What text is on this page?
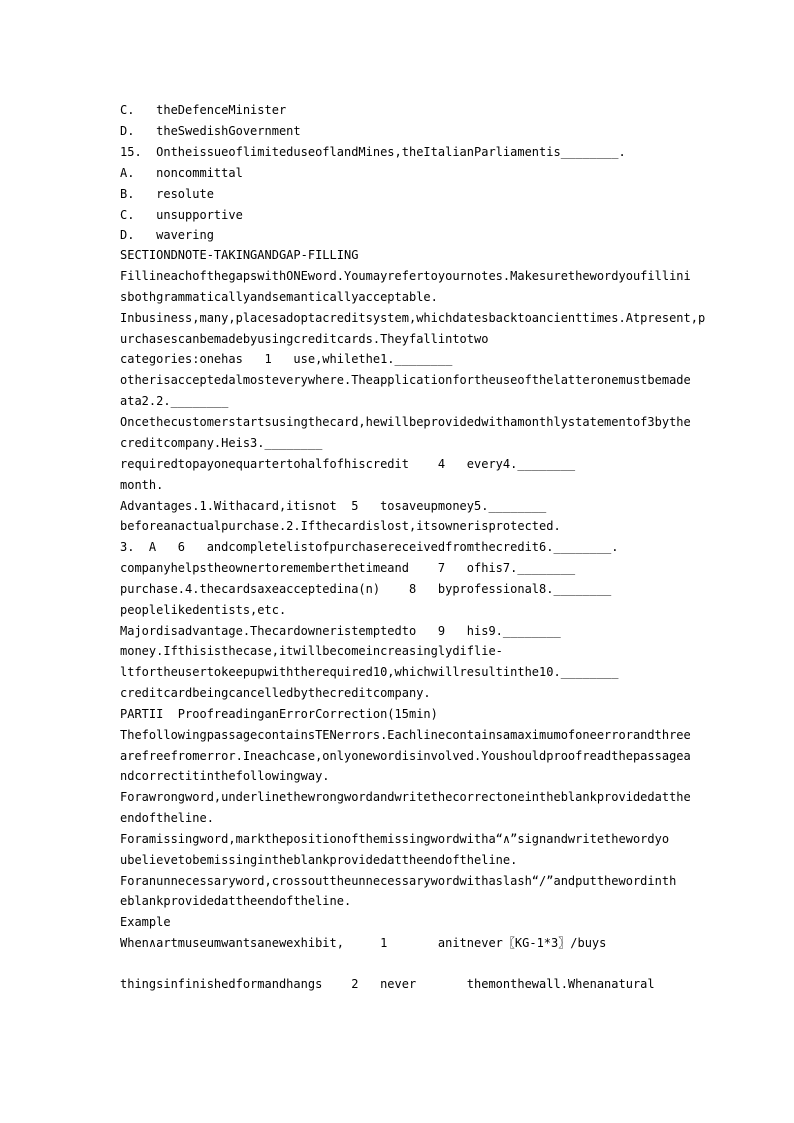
C.   theDefenceMinister
D.   theSwedishGovernment
15.  OntheissueoflimiteduseoflandMines,theItalianParliamentis________.
A.   noncommittal
B.   resolute
C.   unsupportive
D.   wavering
SECTIONDNOTE-TAKINGANDGAP-FILLING
FillineachofthegapswithONEword.Youmayrefertoyournotes.Makesurethewordyoufillini
sbothgrammaticallyandsemanticallyacceptable.
Inbusiness,many,placesadoptacreditsystem,whichdatesbacktoancienttimes.Atpresent,p
urchasescanbemadebyusingcreditcards.Theyfallintotwo
categories:onehas   1   use,whilethe1.________
otherisacceptedalmosteverywhere.Theapplicationfortheuseofthelatteronemustbemade
ata2.2.________
Oncethecustomerstartsusingthecard,hewillbeprovidedwithamonthlystatementof3bythe
creditcompany.Heis3.________
requiredtopayonequartertohalfofhiscredit    4   every4.________
month.
Advantages.1.Withacard,itisnot  5   tosaveupmoney5.________
beforeanactualpurchase.2.Ifthecardislost,itsownerisprotected.
3.  A   6   andcompletelistofpurchasereceivedfromthecredit6.________.
companyhelpstheownertorememberthetimeand    7   ofhis7.________
purchase.4.thecardsaxeacceptedina(n)    8   byprofessional8.________
peoplelikedentists,etc.
Majordisadvantage.Thecardowneristemptedto   9   his9.________
money.Ifthisisthecase,itwillbecomeincreasinglydiflie-
ltfortheusertokeepupwiththerequired10,whichwillresultinthe10.________
creditcardbeingcancelledbythecreditcompany.
PARTII  ProofreadinganErrorCorrection(15min)
ThefollowingpassagecontainsTENerrors.Eachlinecontainsamaximumofoneerrorandthree
arefreefromerror.Ineachcase,onlyonewordisinvolved.Youshouldproofreadthepassagea
ndcorrectitinthefollowingway.
Forawrongword,underlinethewrongwordandwritethecorrectoneintheblankprovidedatthe
endoftheline.
Foramissingword,markthepositionofthemissingwordwitha“∧”signandwritethewordyo
ubelievetobemissingintheblankprovidedattheendoftheline.
Foranunnecessaryword,crossouttheunnecessarywordwithaslash“/”andputthewordinth
eblankprovidedattheendoftheline.
Example
When∧artmuseumwantsanewexhibit,     1       anitnever〖KG-1*3〗/buys
thingsinfinishedformandhangs    2   never       themonthewall.Whenanatural
